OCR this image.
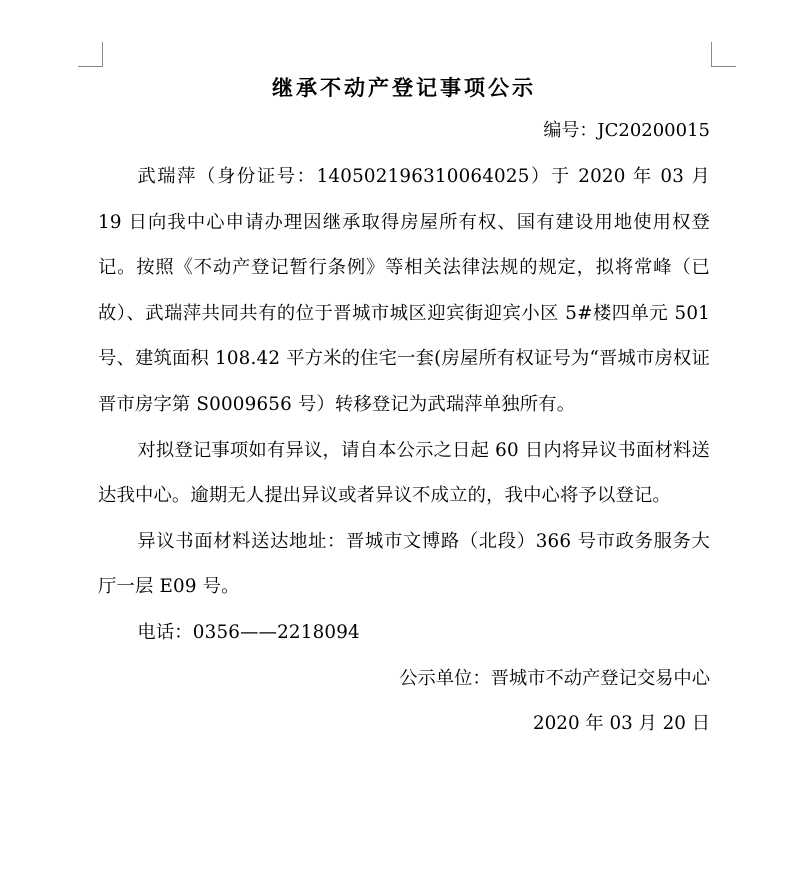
继承不动产登记事项公示

编号：JC20200015

武瑞萍（身份证号：140502196310064025）于 2020 年 03 月 19 日向我中心申请办理因继承取得房屋所有权、国有建设用地使用权登记。按照《不动产登记暂行条例》等相关法律法规的规定，拟将常峰（已故）、武瑞萍共同共有的位于晋城市城区迎宾街迎宾小区 5#楼四单元 501 号、建筑面积 108.42 平方米的住宅一套(房屋所有权证号为“晋城市房权证晋市房字第 S0009656 号）转移登记为武瑞萍单独所有。

对拟登记事项如有异议，请自本公示之日起 60 日内将异议书面材料送达我中心。逾期无人提出异议或者异议不成立的，我中心将予以登记。

异议书面材料送达地址：晋城市文博路（北段）366 号市政务服务大厅一层 E09 号。

电话：0356——2218094

公示单位：晋城市不动产登记交易中心

2020 年 03 月 20 日
